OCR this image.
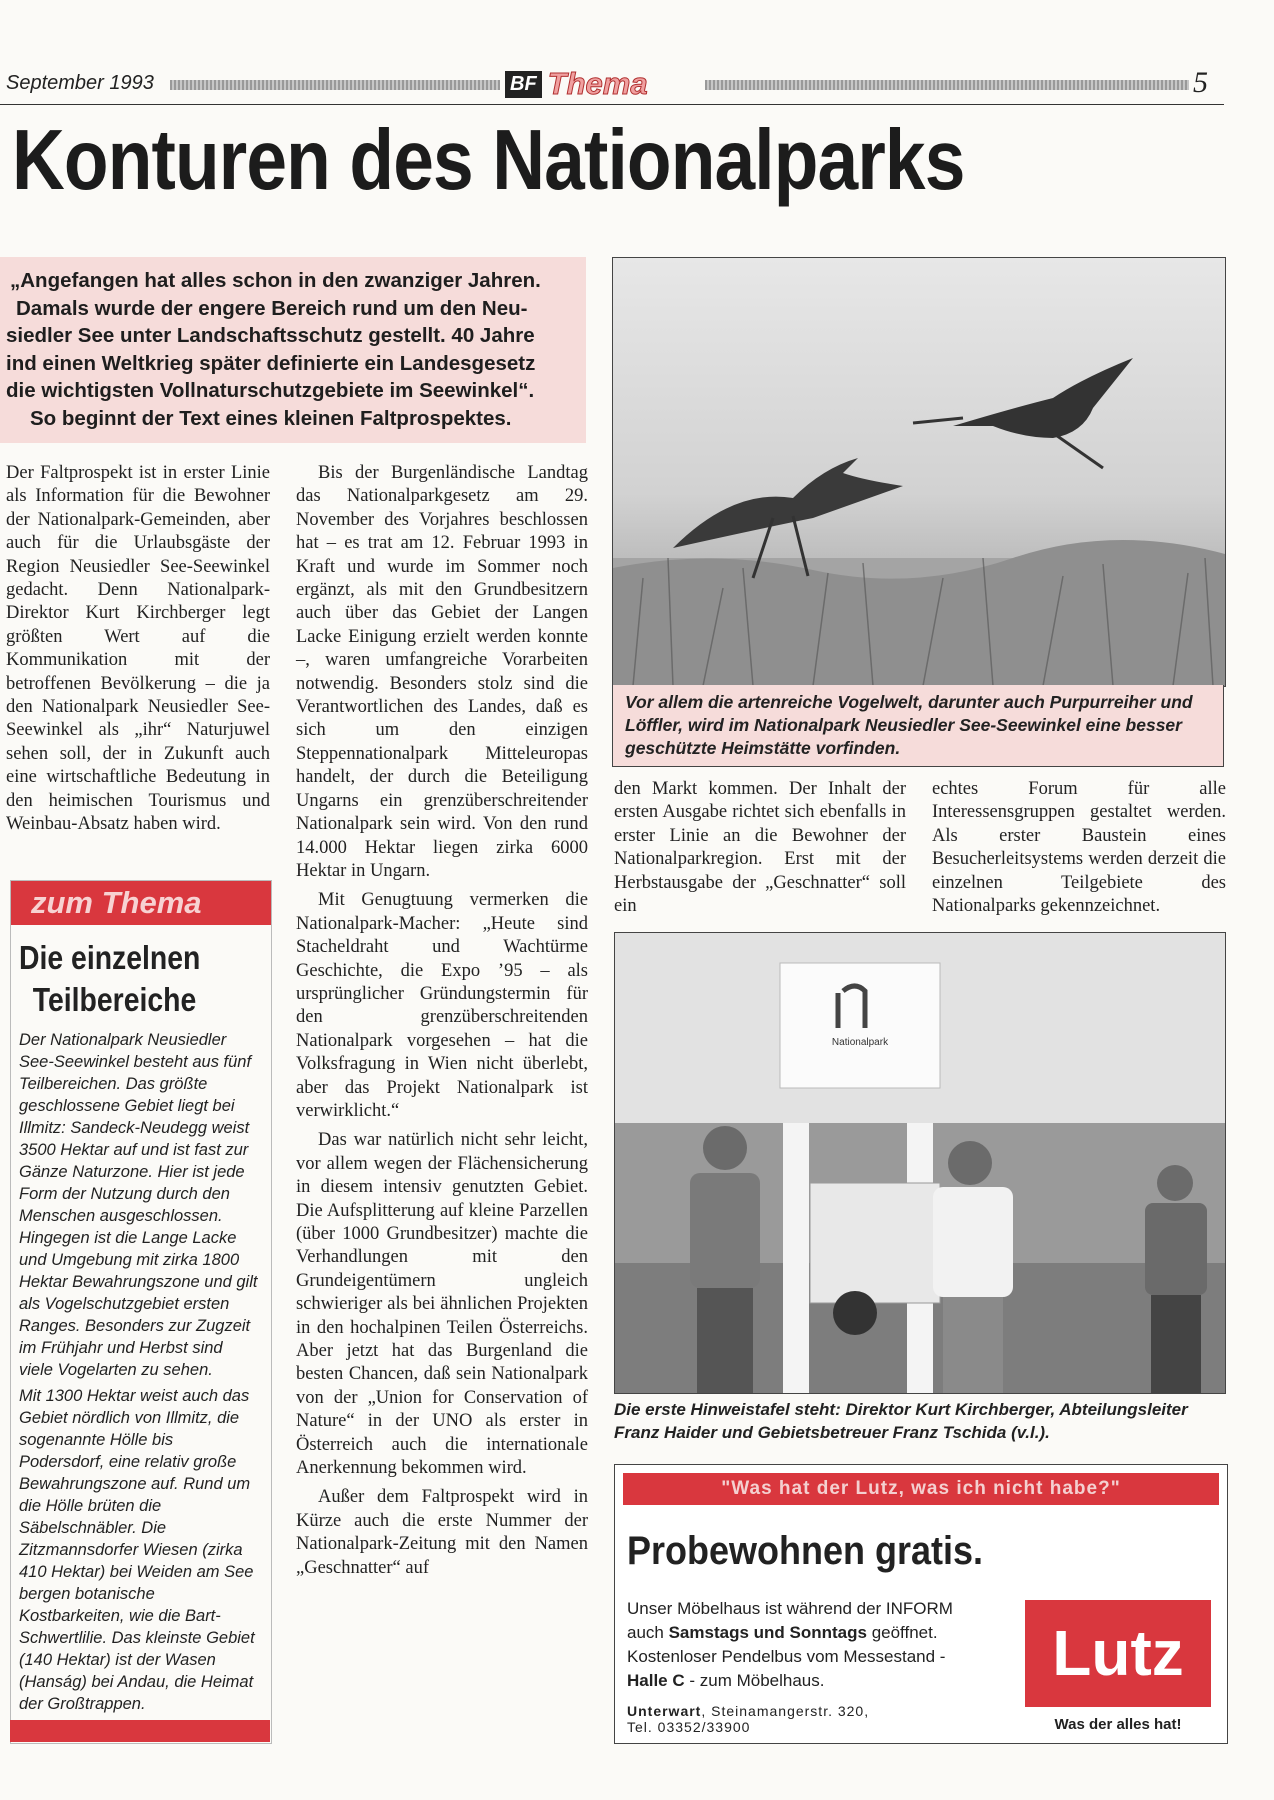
September 1993	BF Thema	5
Konturen des Nationalparks

„Angefangen hat alles schon in den zwanziger Jahren.

Damals wurde der engere Bereich rund um den Neu-

siedler See unter Landschaftsschutz gestellt. 40 Jahre

ind einen Weltkrieg später definierte ein Landesgesetz

die wichtigsten Vollnaturschutzgebiete im Seewinkel“.

So beginnt der Text eines kleinen Faltprospektes.

Der Faltprospekt ist in erster Linie als Information für die Bewohner der Nationalpark-Gemeinden, aber auch für die Urlaubsgäste der Region Neusiedler See-Seewinkel gedacht. Denn Nationalpark-Direktor Kurt Kirchberger legt größten Wert auf die Kommunikation mit der betroffenen Bevölkerung – die ja den Nationalpark Neusiedler See-Seewinkel als „ihr“ Naturjuwel sehen soll, der in Zukunft auch eine wirtschaftliche Bedeutung in den heimischen Tourismus und Weinbau-Absatz haben wird.

Bis der Burgenländische Landtag das Nationalparkgesetz am 29. November des Vorjahres beschlossen hat – es trat am 12. Februar 1993 in Kraft und wurde im Sommer noch ergänzt, als mit den Grundbesitzern auch über das Gebiet der Langen Lacke Einigung erzielt werden konnte –, waren umfangreiche Vorarbeiten notwendig. Besonders stolz sind die Verantwortlichen des Landes, daß es sich um den einzigen Steppennationalpark Mitteleuropas handelt, der durch die Beteiligung Ungarns ein grenzüberschreitender Nationalpark sein wird. Von den rund 14.000 Hektar liegen zirka 6000 Hektar in Ungarn.

Mit Genugtuung vermerken die Nationalpark-Macher: „Heute sind Stacheldraht und Wachtürme Geschichte, die Expo ’95 – als ursprünglicher Gründungstermin für den grenzüberschreitenden Nationalpark vorgesehen – hat die Volksfragung in Wien nicht überlebt, aber das Projekt Nationalpark ist verwirklicht.“

Das war natürlich nicht sehr leicht, vor allem wegen der Flächensicherung in diesem intensiv genutzten Gebiet. Die Aufsplitterung auf kleine Parzellen (über 1000 Grundbesitzer) machte die Verhandlungen mit den Grundeigentümern ungleich schwieriger als bei ähnlichen Projekten in den hochalpinen Teilen Österreichs. Aber jetzt hat das Burgenland die besten Chancen, daß sein Nationalpark von der „Union for Conservation of Nature“ in der UNO als erster in Österreich auch die internationale Anerkennung bekommen wird.

Außer dem Faltprospekt wird in Kürze auch die erste Nummer der Nationalpark-Zeitung mit den Namen „Geschnatter“ auf

Vor allem die artenreiche Vogelwelt, darunter auch Purpurreiher und Löffler, wird im Nationalpark Neusiedler See-Seewinkel eine besser geschützte Heimstätte vorfinden.

den Markt kommen. Der Inhalt der ersten Ausgabe richtet sich ebenfalls in erster Linie an die Bewohner der Nationalparkregion. Erst mit der Herbstausgabe der „Geschnatter“ soll ein

echtes Forum für alle Interessensgruppen gestaltet werden. Als erster Baustein eines Besucherleitsystems werden derzeit die einzelnen Teilgebiete des Nationalparks gekennzeichnet.

Nationalpark
Die erste Hinweistafel steht: Direktor Kurt Kirchberger, Abteilungsleiter Franz Haider und Gebietsbetreuer Franz Tschida (v.l.).
zum Thema
Die einzelnen
Teilbereiche

Der Nationalpark Neusiedler See-Seewinkel besteht aus fünf Teilbereichen. Das größte geschlossene Gebiet liegt bei Illmitz: Sandeck-Neudegg weist 3500 Hektar auf und ist fast zur Gänze Naturzone. Hier ist jede Form der Nutzung durch den Menschen ausgeschlossen. Hingegen ist die Lange Lacke und Umgebung mit zirka 1800 Hektar Bewahrungszone und gilt als Vogelschutzgebiet ersten Ranges. Besonders zur Zugzeit im Frühjahr und Herbst sind viele Vogelarten zu sehen.

Mit 1300 Hektar weist auch das Gebiet nördlich von Illmitz, die sogenannte Hölle bis Podersdorf, eine relativ große Bewahrungszone auf. Rund um die Hölle brüten die Säbelschnäbler. Die Zitzmannsdorfer Wiesen (zirka 410 Hektar) bei Weiden am See bergen botanische Kostbarkeiten, wie die Bart-Schwertlilie. Das kleinste Gebiet (140 Hektar) ist der Wasen (Hanság) bei Andau, die Heimat der Großtrappen.

"Was hat der Lutz, was ich nicht habe?"
Probewohnen gratis.

Unser Möbelhaus ist während der INFORM

auch Samstags und Sonntags geöffnet.

Kostenloser Pendelbus vom Messestand -

Halle C - zum Möbelhaus.

Unterwart, Steinamangerstr. 320,
Tel. 03352/33900
Lutz
Was der alles hat!
